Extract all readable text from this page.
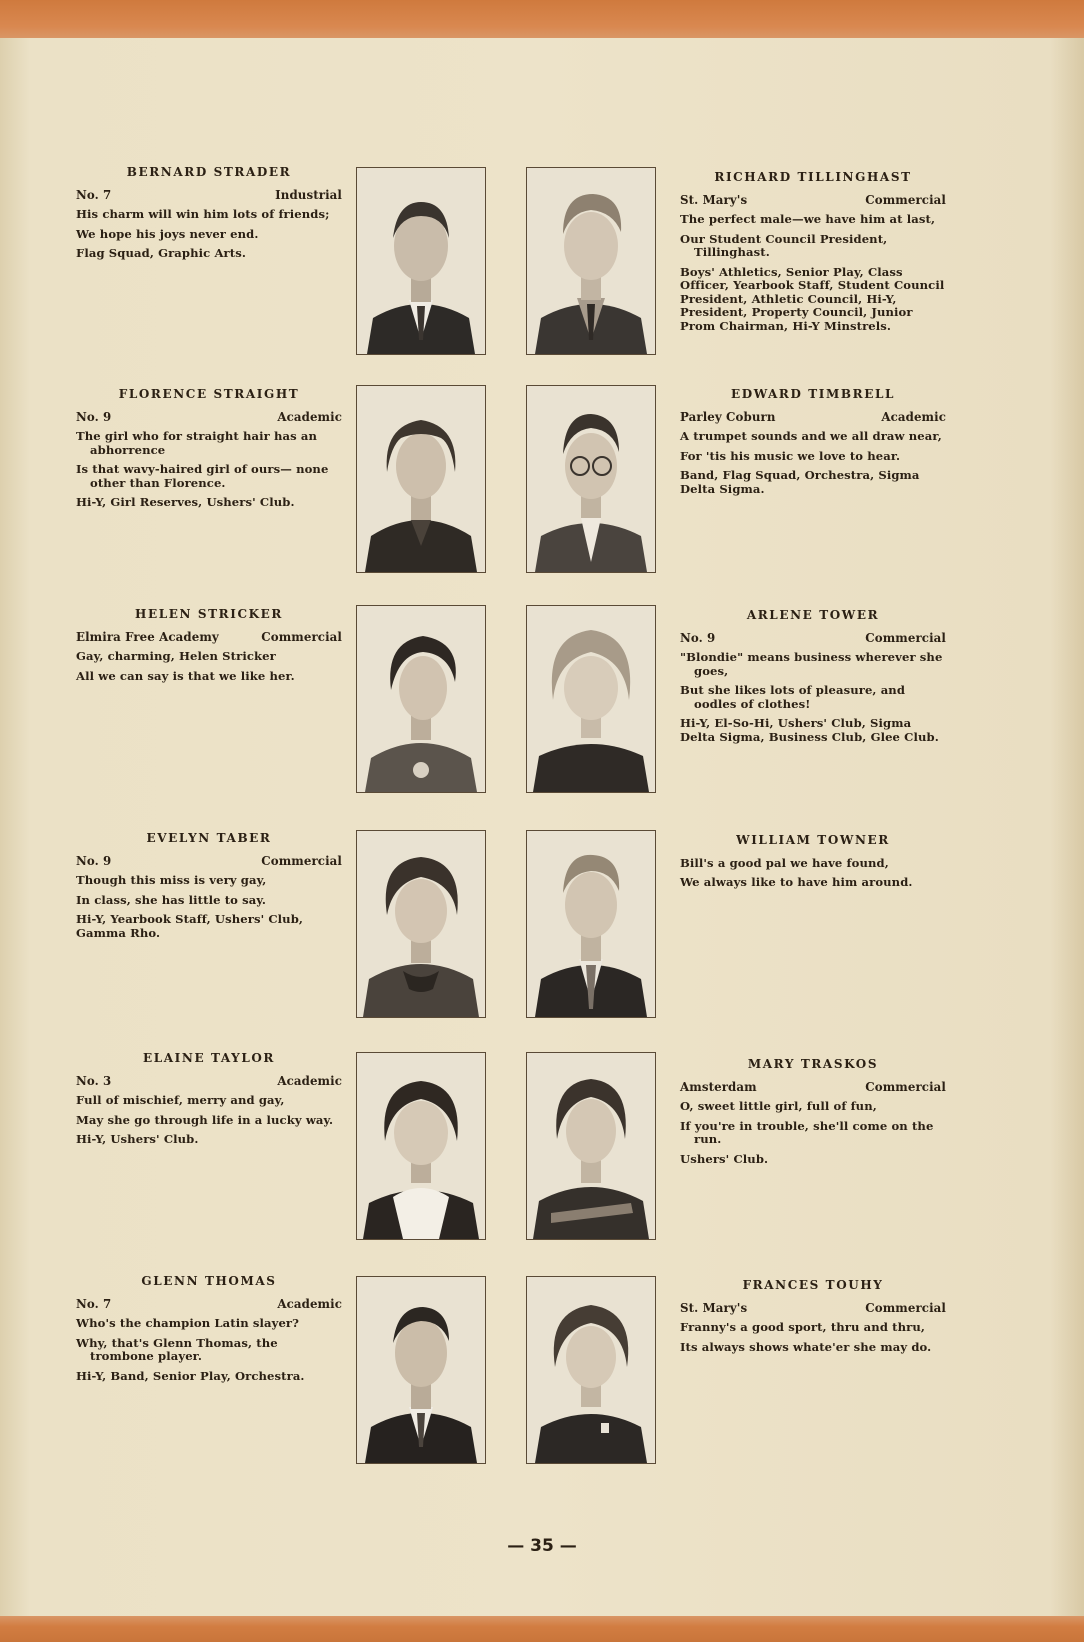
BERNARD STRADER
No. 7	Industrial
His charm will win him lots of friends;
We hope his joys never end.
Flag Squad, Graphic Arts.
FLORENCE STRAIGHT
No. 9	Academic
The girl who for straight hair has an abhorrence
Is that wavy-haired girl of ours— none other than Florence.
Hi-Y, Girl Reserves, Ushers' Club.
HELEN STRICKER
Elmira Free Academy	Commercial
Gay, charming, Helen Stricker
All we can say is that we like her.
EVELYN TABER
No. 9	Commercial
Though this miss is very gay,
In class, she has little to say.
Hi-Y, Yearbook Staff, Ushers' Club, Gamma Rho.
ELAINE TAYLOR
No. 3	Academic
Full of mischief, merry and gay,
May she go through life in a lucky way.
Hi-Y, Ushers' Club.
GLENN THOMAS
No. 7	Academic
Who's the champion Latin slayer?
Why, that's Glenn Thomas, the trombone player.
Hi-Y, Band, Senior Play, Orchestra.
RICHARD TILLINGHAST
St. Mary's	Commercial
The perfect male—we have him at last,
Our Student Council President, Tillinghast.
Boys' Athletics, Senior Play, Class Officer, Yearbook Staff, Student Council President, Athletic Council, Hi-Y, President, Property Council, Junior Prom Chairman, Hi-Y Minstrels.
EDWARD TIMBRELL
Parley Coburn	Academic
A trumpet sounds and we all draw near,
For 'tis his music we love to hear.
Band, Flag Squad, Orchestra, Sigma Delta Sigma.
ARLENE TOWER
No. 9	Commercial
"Blondie" means business wherever she goes,
But she likes lots of pleasure, and oodles of clothes!
Hi-Y, El-So-Hi, Ushers' Club, Sigma Delta Sigma, Business Club, Glee Club.
WILLIAM TOWNER
Bill's a good pal we have found,
We always like to have him around.
MARY TRASKOS
Amsterdam	Commercial
O, sweet little girl, full of fun,
If you're in trouble, she'll come on the run.
Ushers' Club.
FRANCES TOUHY
St. Mary's	Commercial
Franny's a good sport, thru and thru,
Its always shows whate'er she may do.
— 35 —
